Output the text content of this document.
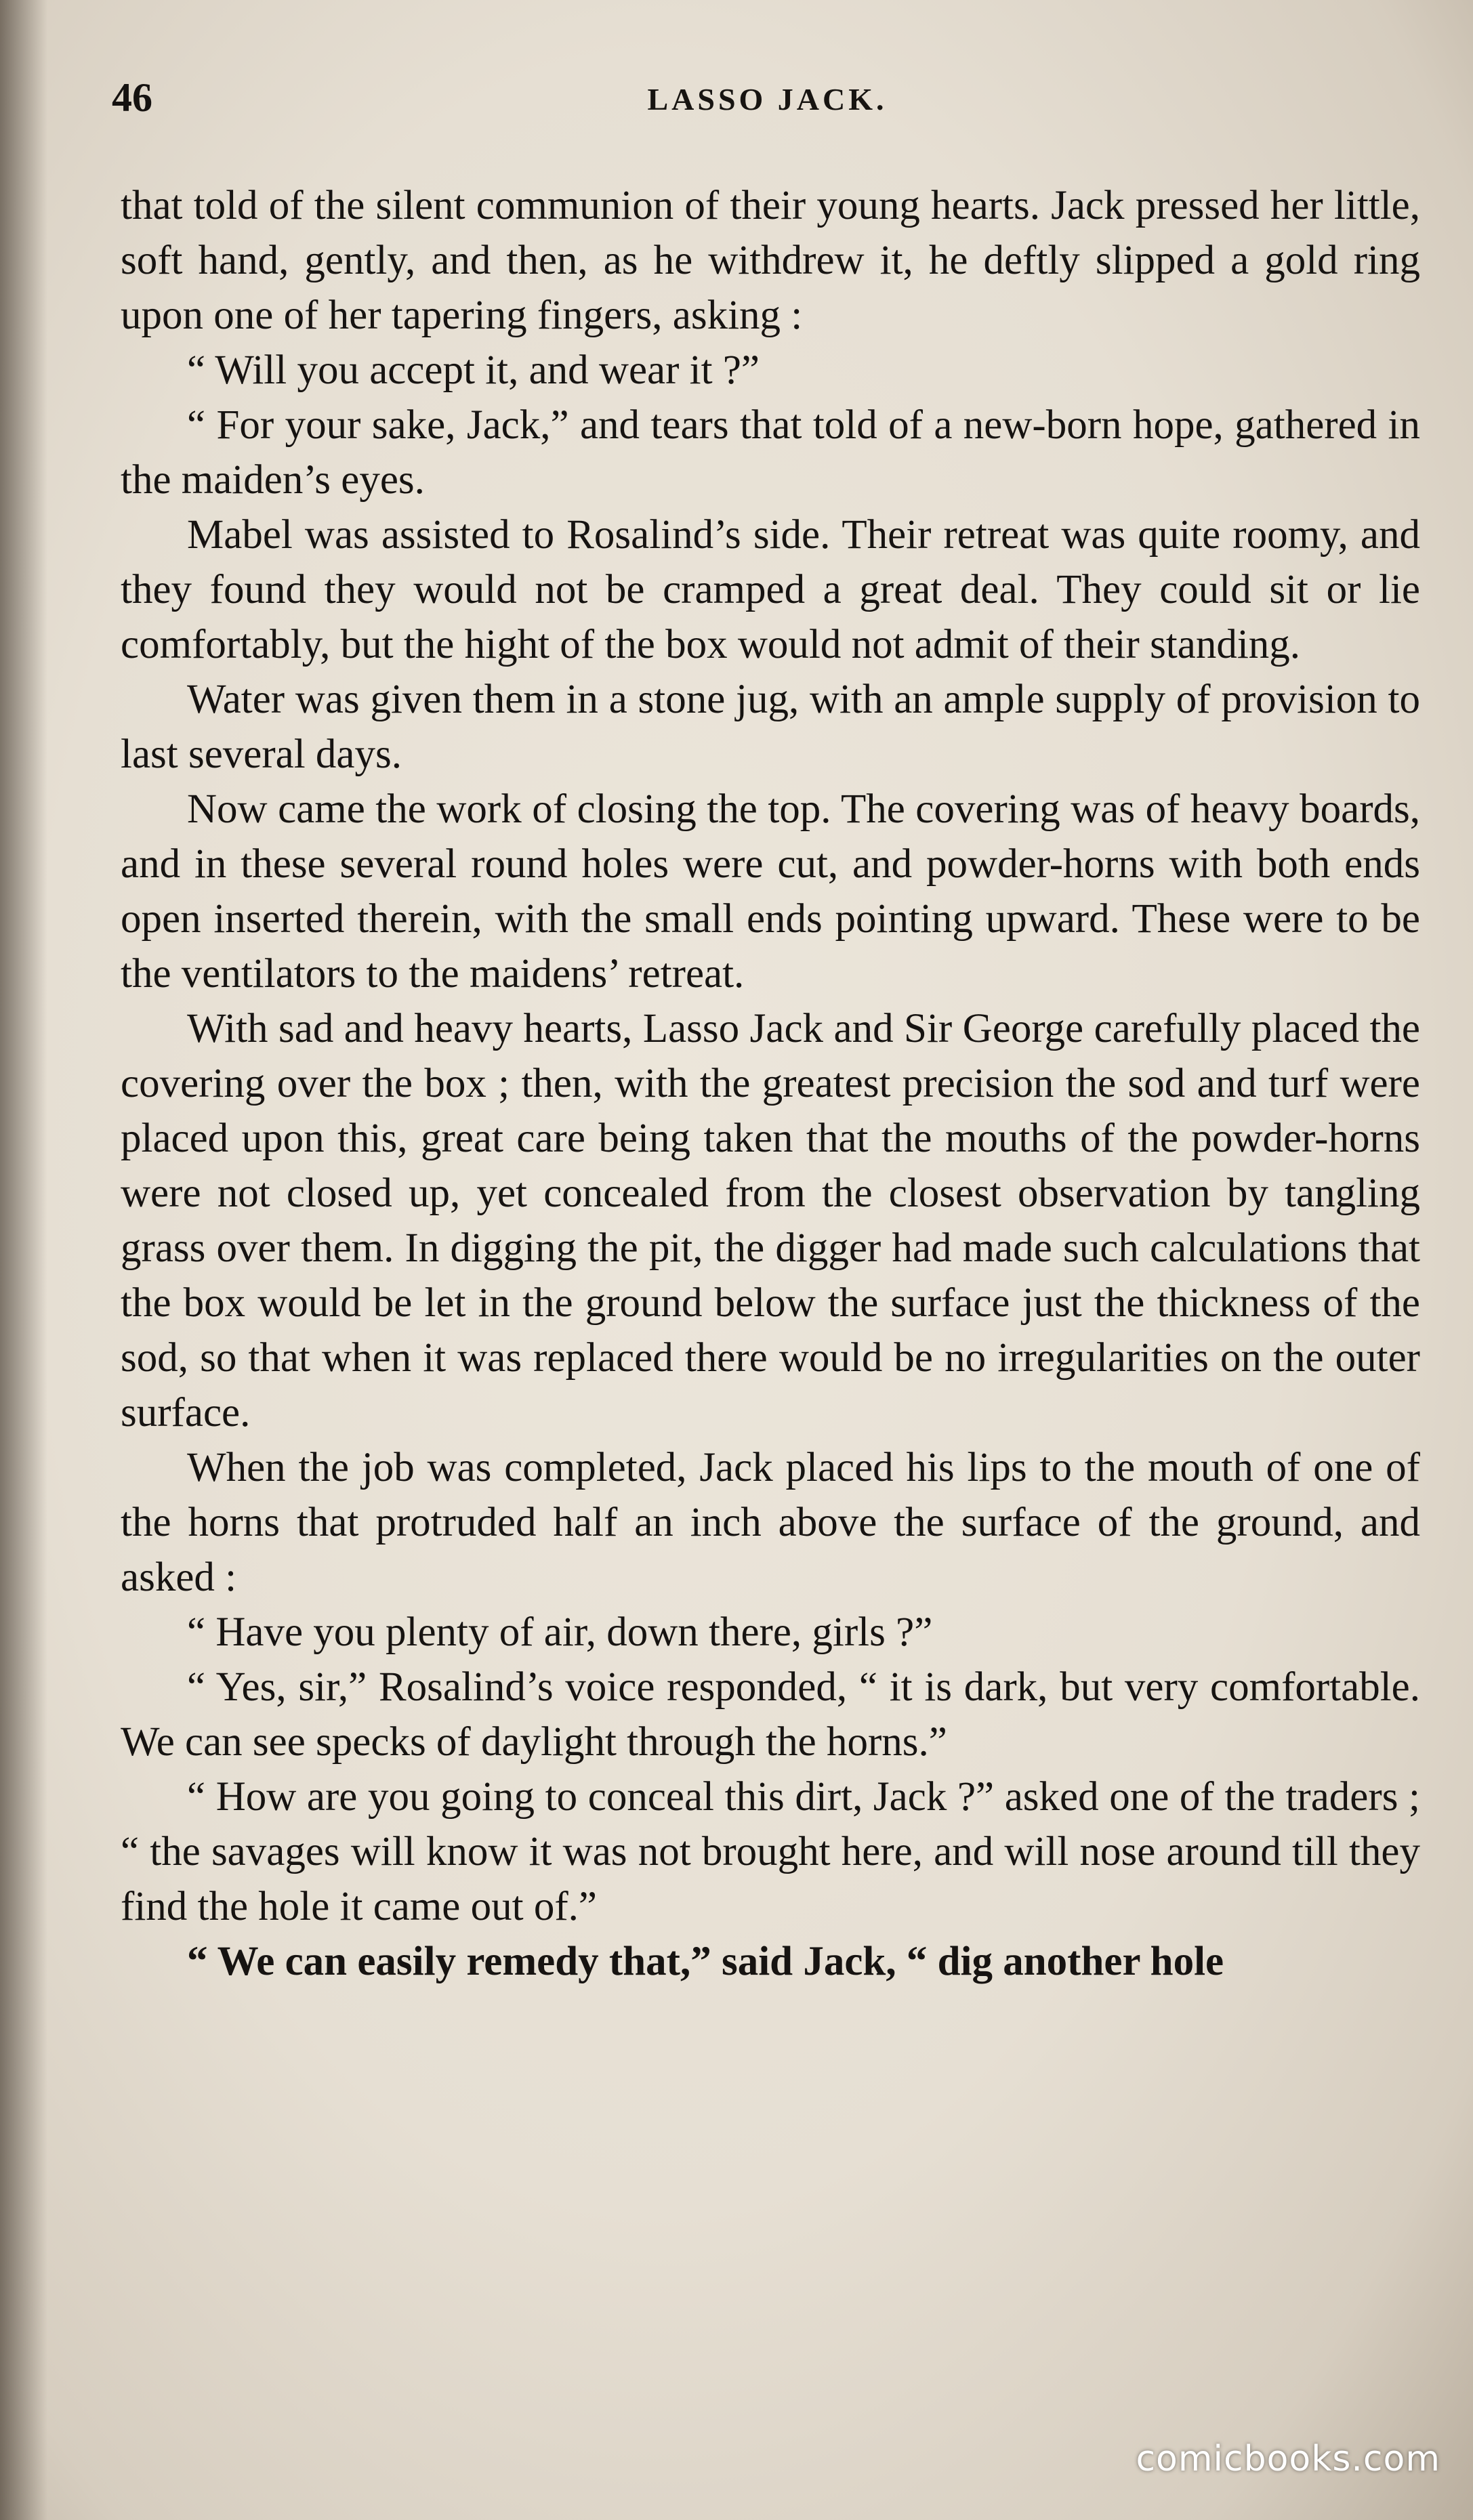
46	LASSO JACK.

that told of the silent communion of their young hearts. Jack pressed her little, soft hand, gently, and then, as he withdrew it, he deftly slipped a gold ring upon one of her tapering fingers, asking :

“ Will you accept it, and wear it ?”

“ For your sake, Jack,” and tears that told of a new-born hope, gathered in the maiden’s eyes.

Mabel was assisted to Rosalind’s side. Their retreat was quite roomy, and they found they would not be cramped a great deal. They could sit or lie comfortably, but the hight of the box would not admit of their standing.

Water was given them in a stone jug, with an ample supply of provision to last several days.

Now came the work of closing the top. The covering was of heavy boards, and in these several round holes were cut, and powder-horns with both ends open inserted therein, with the small ends pointing upward. These were to be the ventilators to the maidens’ retreat.

With sad and heavy hearts, Lasso Jack and Sir George carefully placed the covering over the box ; then, with the greatest precision the sod and turf were placed upon this, great care being taken that the mouths of the powder-horns were not closed up, yet concealed from the closest observation by tangling grass over them. In digging the pit, the digger had made such calculations that the box would be let in the ground below the surface just the thickness of the sod, so that when it was replaced there would be no irregularities on the outer surface.

When the job was completed, Jack placed his lips to the mouth of one of the horns that protruded half an inch above the surface of the ground, and asked :

“ Have you plenty of air, down there, girls ?”

“ Yes, sir,” Rosalind’s voice responded, “ it is dark, but very comfortable. We can see specks of daylight through the horns.”

“ How are you going to conceal this dirt, Jack ?” asked one of the traders ; “ the savages will know it was not brought here, and will nose around till they find the hole it came out of.”

“ We can easily remedy that,” said Jack, “ dig another hole

comicbooks.com
